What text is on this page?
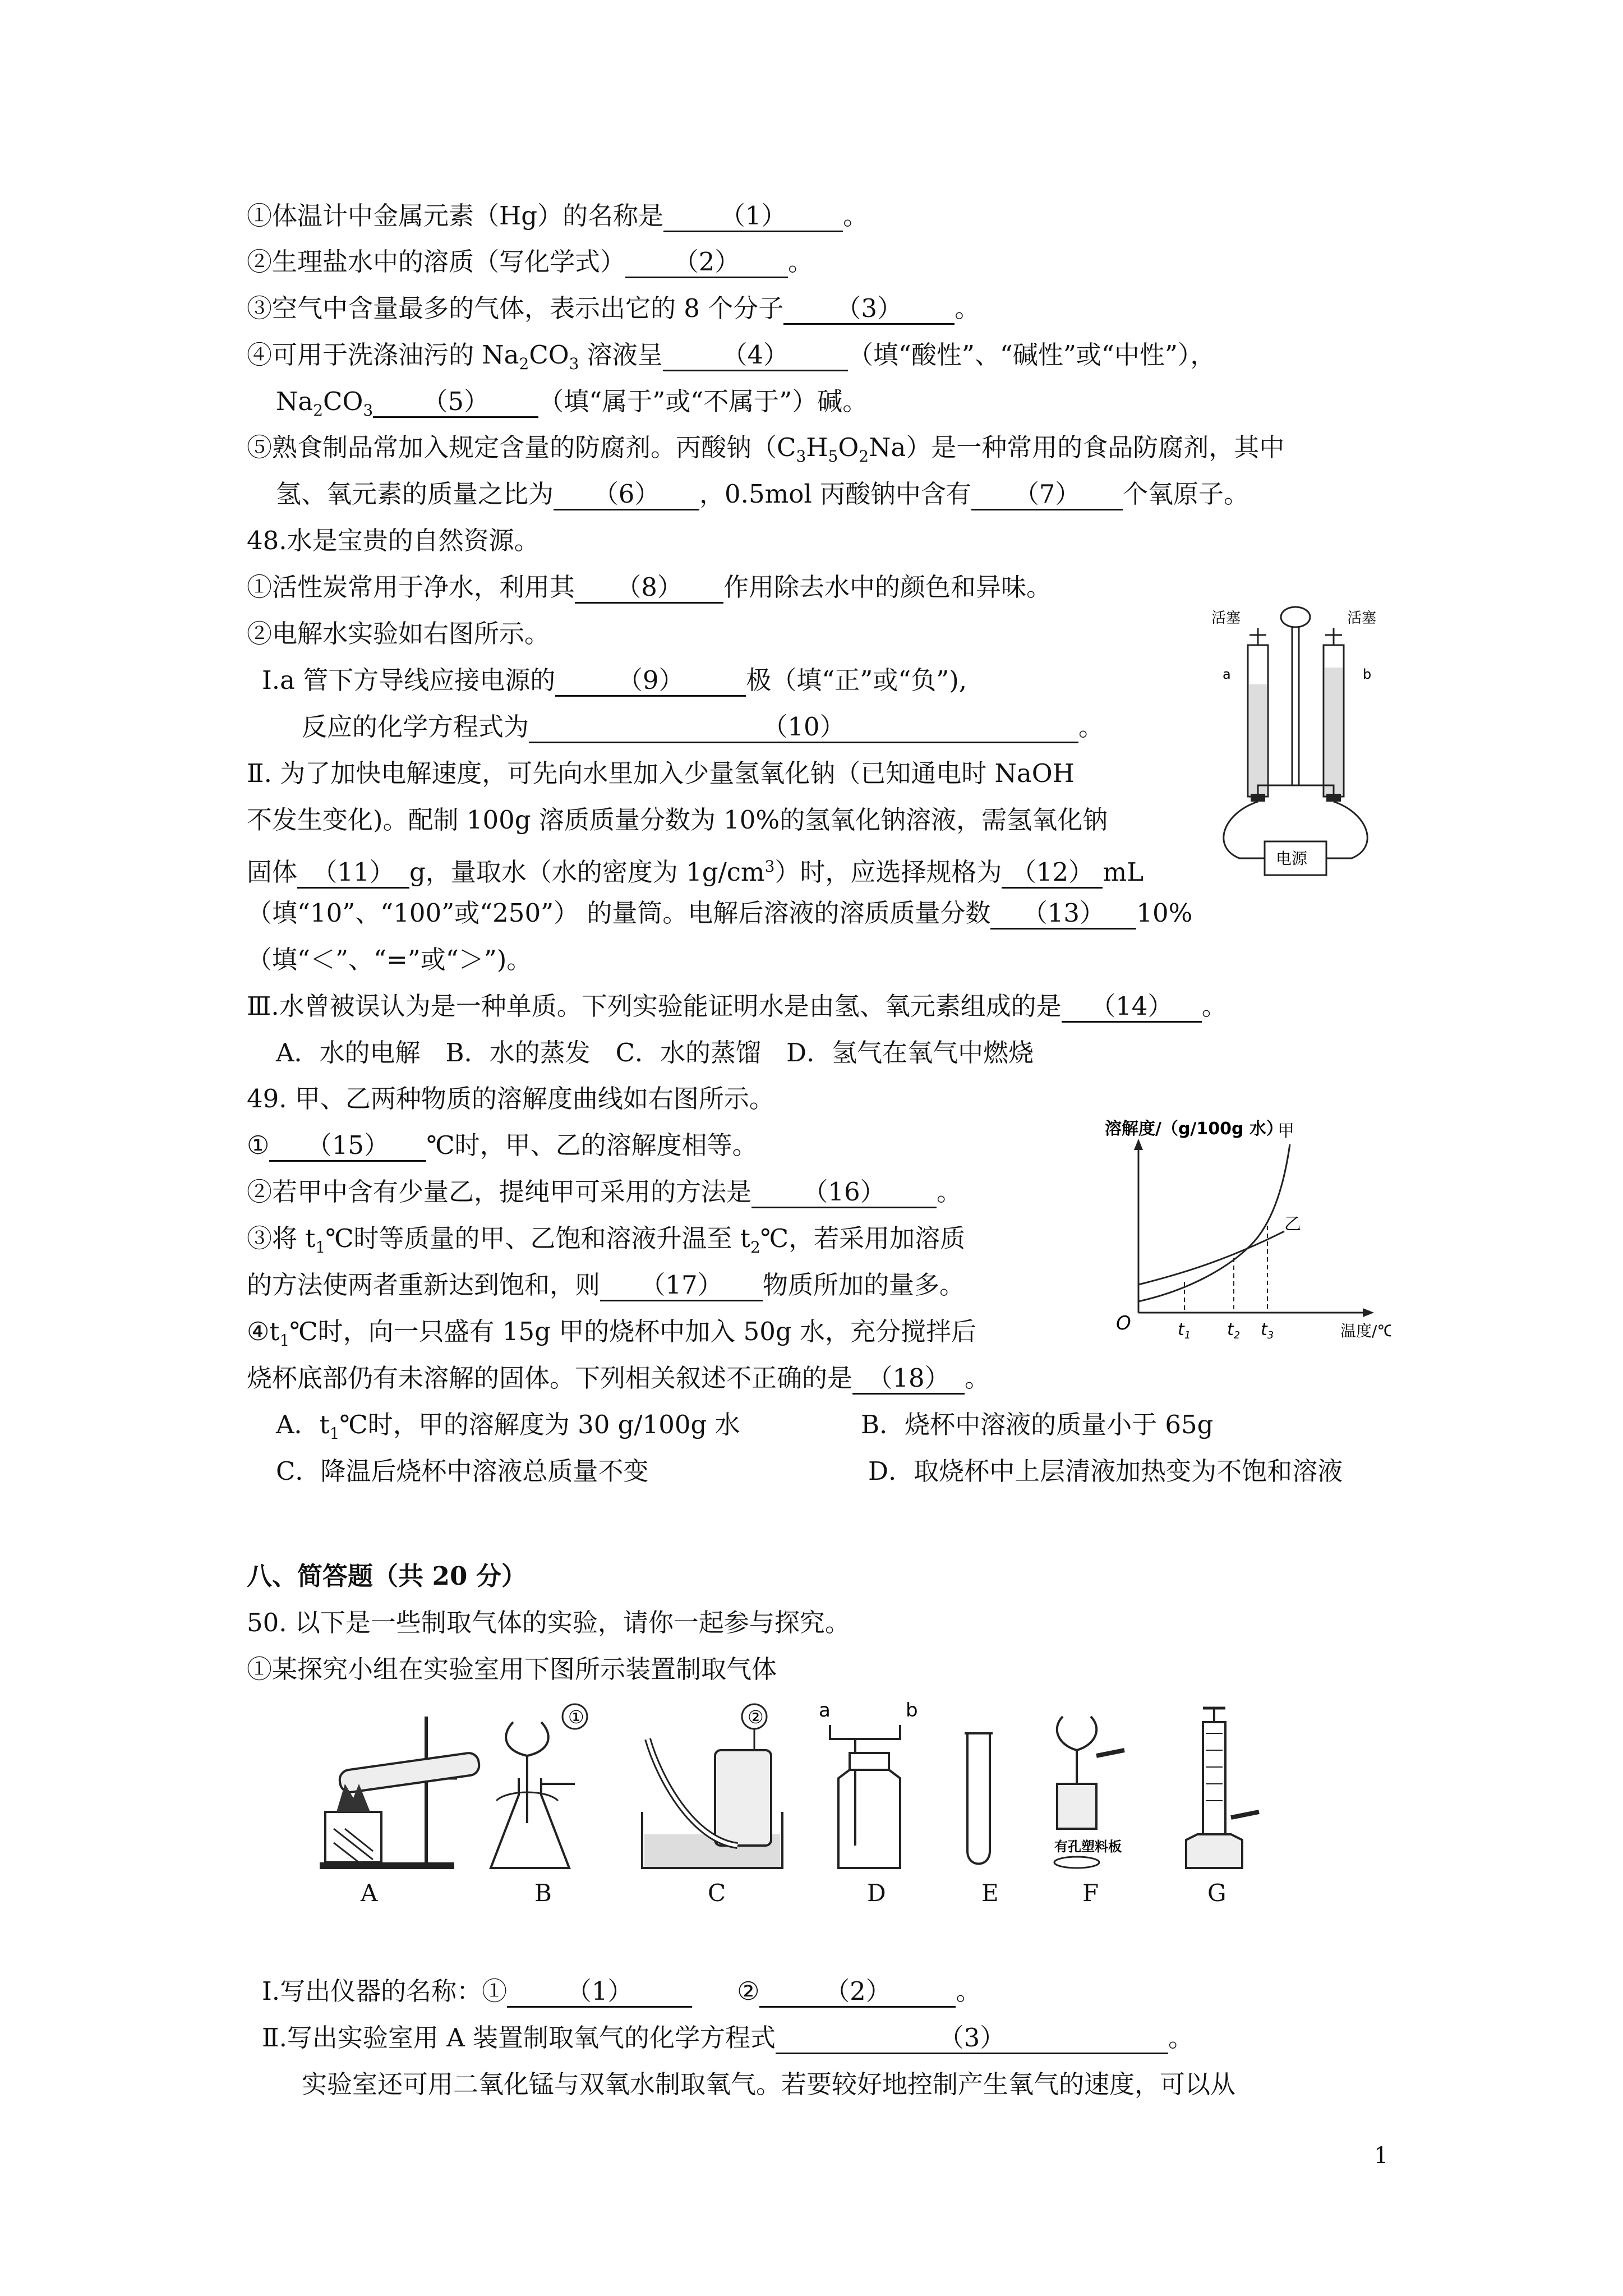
①体温计中金属元素（Hg）的名称是 （1） 。
②生理盐水中的溶质（写化学式） （2） 。
③空气中含量最多的气体，表示出它的 8 个分子 （3） 。
④可用于洗涤油污的 $Na_2CO_3$ 溶液呈 （4） （填“酸性”、“碱性”或“中性”），
$Na_2CO_3$ （5） （填“属于”或“不属于”）碱。
⑤熟食制品常加入规定含量的防腐剂。丙酸钠$(C_3H_5O_2Na)$是一种常用的食品防腐剂，其中
氢、氧元素的质量之比为 （6） ，0.5mol 丙酸钠中含有 （7） 个氧原子。
48.水是宝贵的自然资源。
①活性炭常用于净水，利用其 （8） 作用除去水中的颜色和异味。
②电解水实验如右图所示。
Ⅰ.a 管下方导线应接电源的 （9） 极（填“正”或“负”),
反应的化学方程式为	（10）	。
Ⅱ. 为了加快电解速度，可先向水里加入少量氢氧化钠（已知通电时 NaOH
不发生变化)。配制 100g 溶质质量分数为 10%的氢氧化钠溶液，需氢氧化钠
固体 （11） g，量取水（水的密度为 $1g/cm^3$）时，应选择规格为 （12） mL
（填“10”、“100”或“250”） 的量筒。电解后溶液的溶质质量分数 （13） 10%
（填“＜”、“=”或“＞”)。
Ⅲ.水曾被误认为是一种单质。下列实验能证明水是由氢、氧元素组成的是 （14） 。
A．水的电解　B．水的蒸发　C．水的蒸馏　D．氢气在氧气中燃烧
活塞	活塞
a	b
电源
49. 甲、乙两种物质的溶解度曲线如右图所示。
① （15） ℃时，甲、乙的溶解度相等。
②若甲中含有少量乙，提纯甲可采用的方法是 （16） 。
③将 $t_1℃$时等质量的甲、乙饱和溶液升温至 $t_2℃$，若采用加溶质
的方法使两者重新达到饱和，则 （17） 物质所加的量多。
$④t_1℃$时，向一只盛有 15g 甲的烧杯中加入 50g 水，充分搅拌后
烧杯底部仍有未溶解的固体。下列相关叙述不正确的是 （18） 。
A．$t_1℃$时，甲的溶解度为 30 g/100g 水	B．烧杯中溶液的质量小于 65g
C．降温后烧杯中溶液总质量不变	D．取烧杯中上层清液加热变为不饱和溶液
溶解度/（g/100g 水）
甲
乙
O	温度/℃
$t_1$ $t_2$ $t_3$
八、简答题（共 20 分）
50. 以下是一些制取气体的实验，请你一起参与探究。
①某探究小组在实验室用下图所示装置制取气体
①	②	a	b
有孔塑料板
A	B	C	D	E	F	G
Ⅰ.写出仪器的名称：① （1）	②	（2）	。
Ⅱ.写出实验室用 A 装置制取氧气的化学方程式	（3）	。
实验室还可用二氧化锰与双氧水制取氧气。若要较好地控制产生氧气的速度，可以从
1
